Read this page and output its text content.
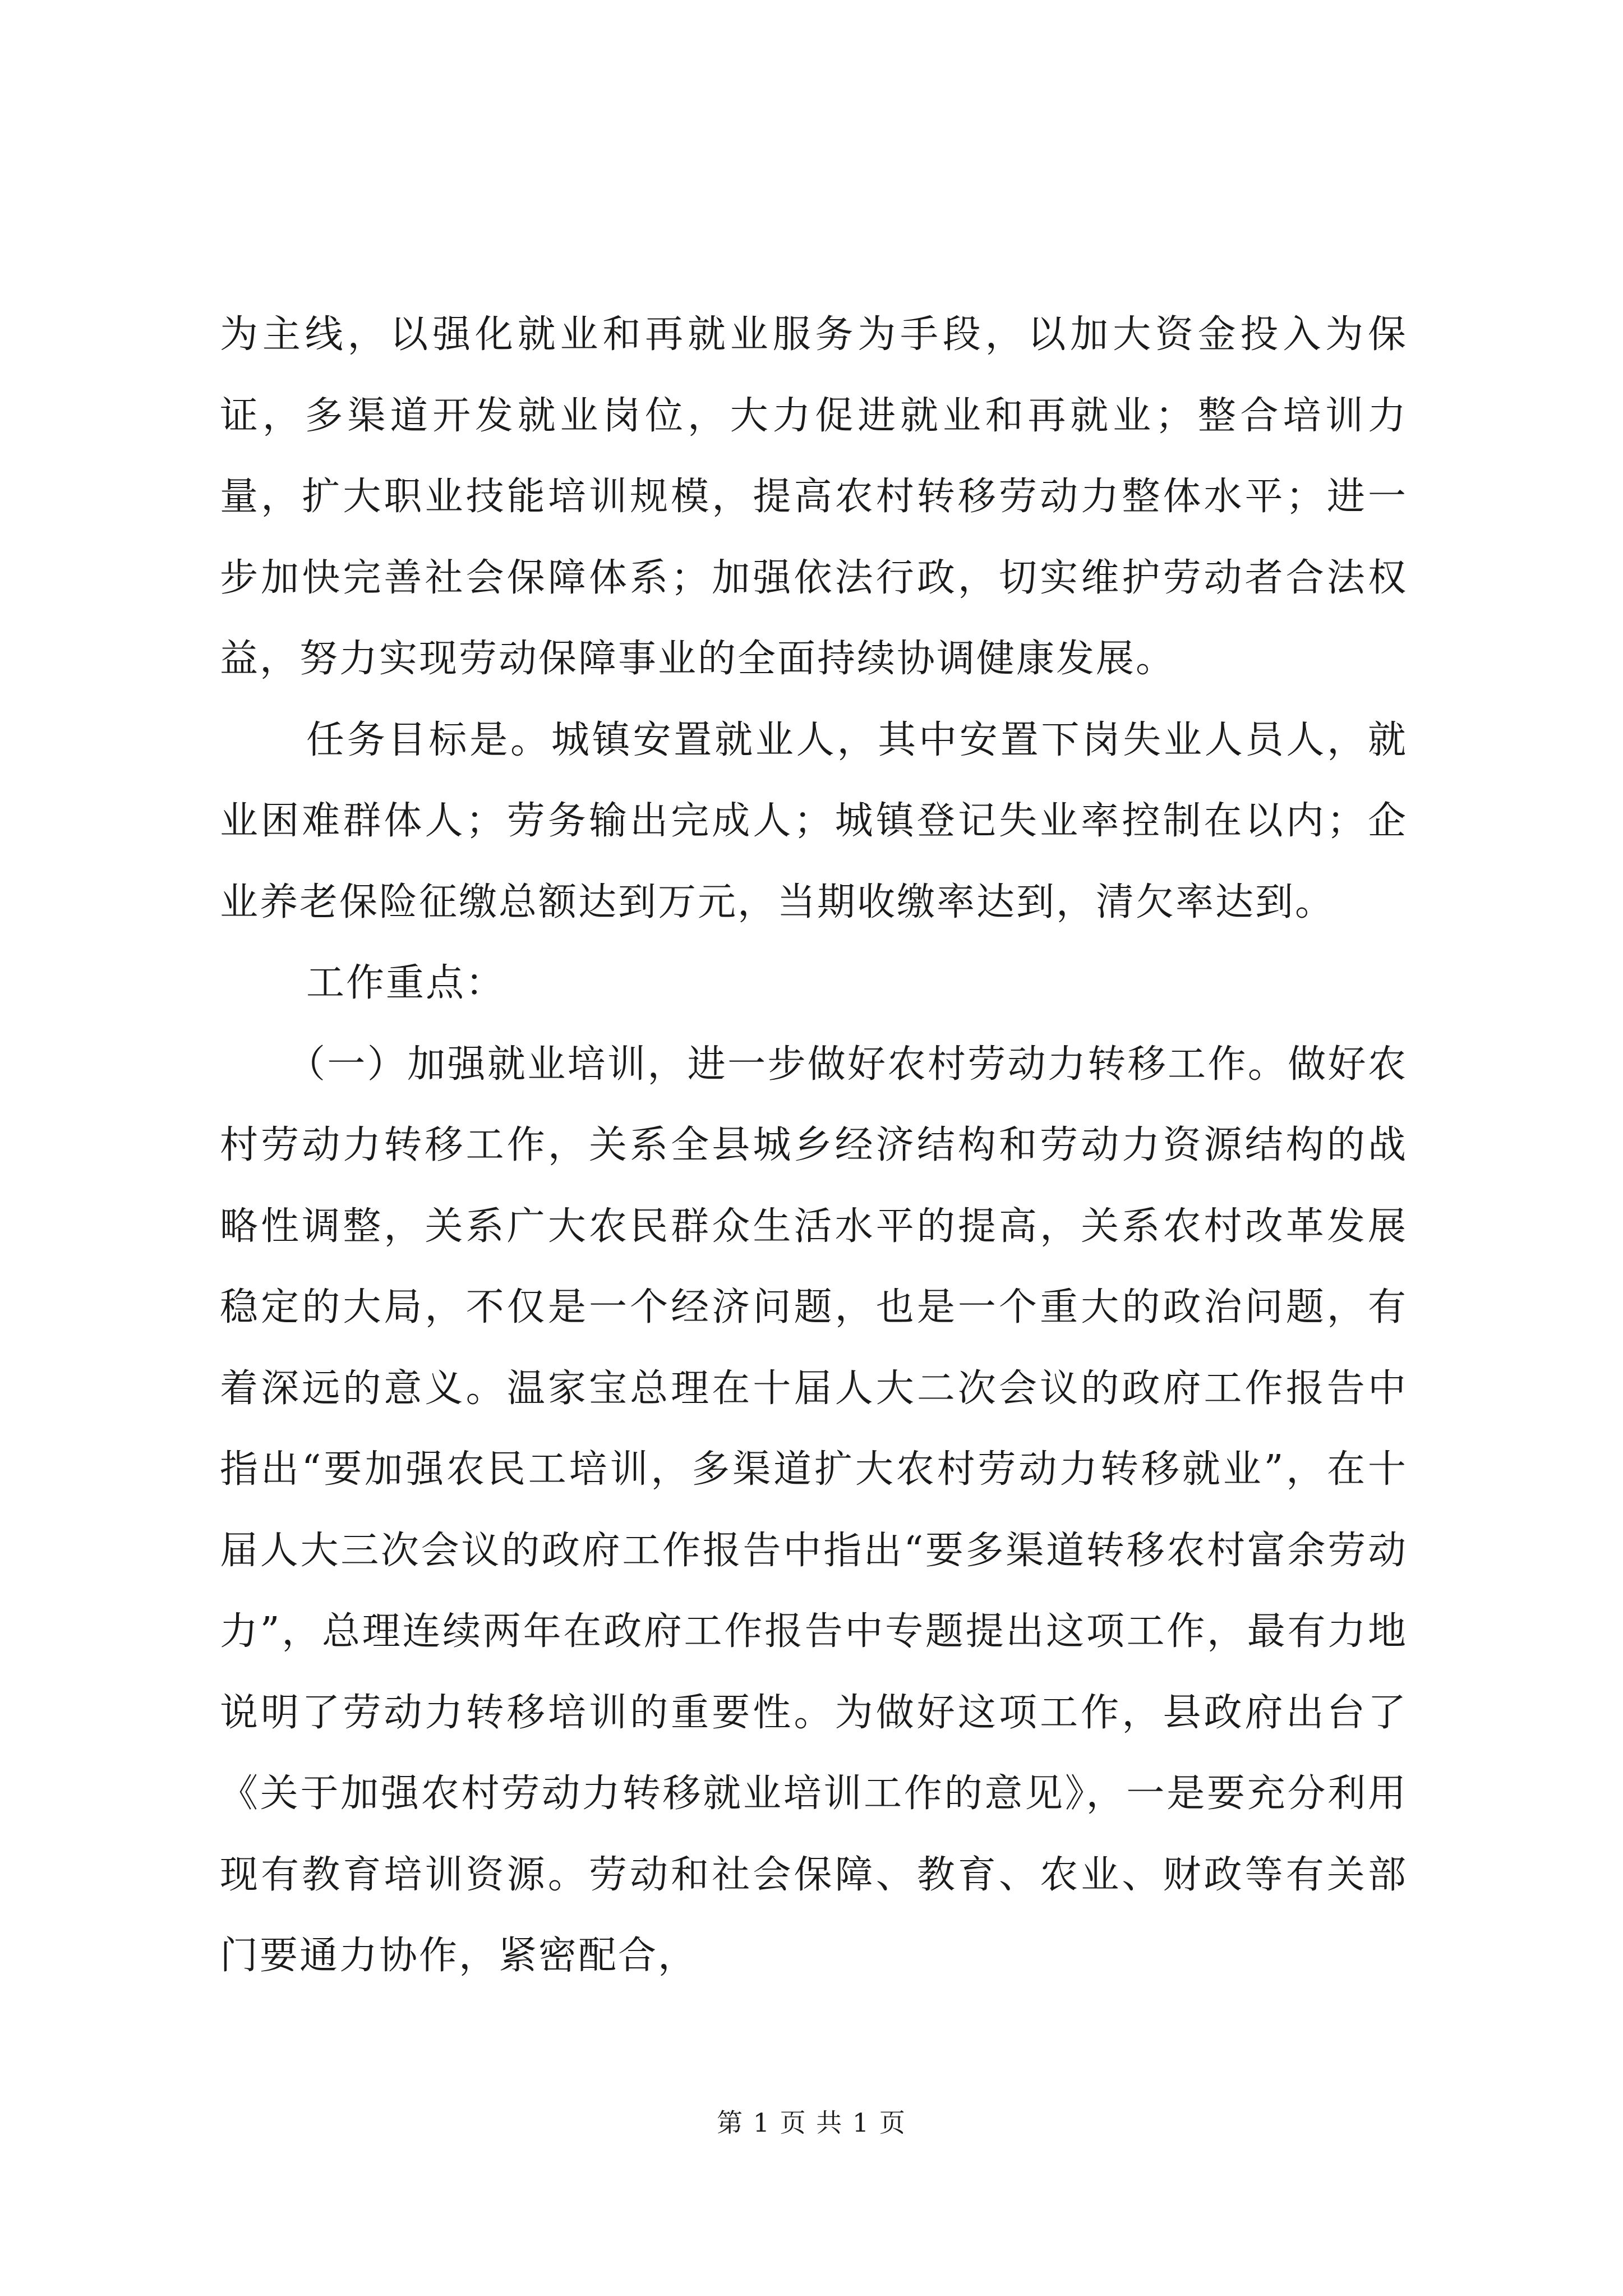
为主线，以强化就业和再就业服务为手段，以加大资金投入为保证，多渠道开发就业岗位，大力促进就业和再就业；整合培训力量，扩大职业技能培训规模，提高农村转移劳动力整体水平；进一步加快完善社会保障体系；加强依法行政，切实维护劳动者合法权益，努力实现劳动保障事业的全面持续协调健康发展。

任务目标是。城镇安置就业人，其中安置下岗失业人员人，就业困难群体人；劳务输出完成人；城镇登记失业率控制在以内；企业养老保险征缴总额达到万元，当期收缴率达到，清欠率达到。

工作重点：

（一）加强就业培训，进一步做好农村劳动力转移工作。做好农村劳动力转移工作，关系全县城乡经济结构和劳动力资源结构的战略性调整，关系广大农民群众生活水平的提高，关系农村改革发展稳定的大局，不仅是一个经济问题，也是一个重大的政治问题，有着深远的意义。温家宝总理在十届人大二次会议的政府工作报告中指出“要加强农民工培训，多渠道扩大农村劳动力转移就业”，在十届人大三次会议的政府工作报告中指出“要多渠道转移农村富余劳动力”，总理连续两年在政府工作报告中专题提出这项工作，最有力地说明了劳动力转移培训的重要性。为做好这项工作，县政府出台了《关于加强农村劳动力转移就业培训工作的意见》，一是要充分利用现有教育培训资源。劳动和社会保障、教育、农业、财政等有关部门要通力协作，紧密配合，

第 1 页 共 1 页
